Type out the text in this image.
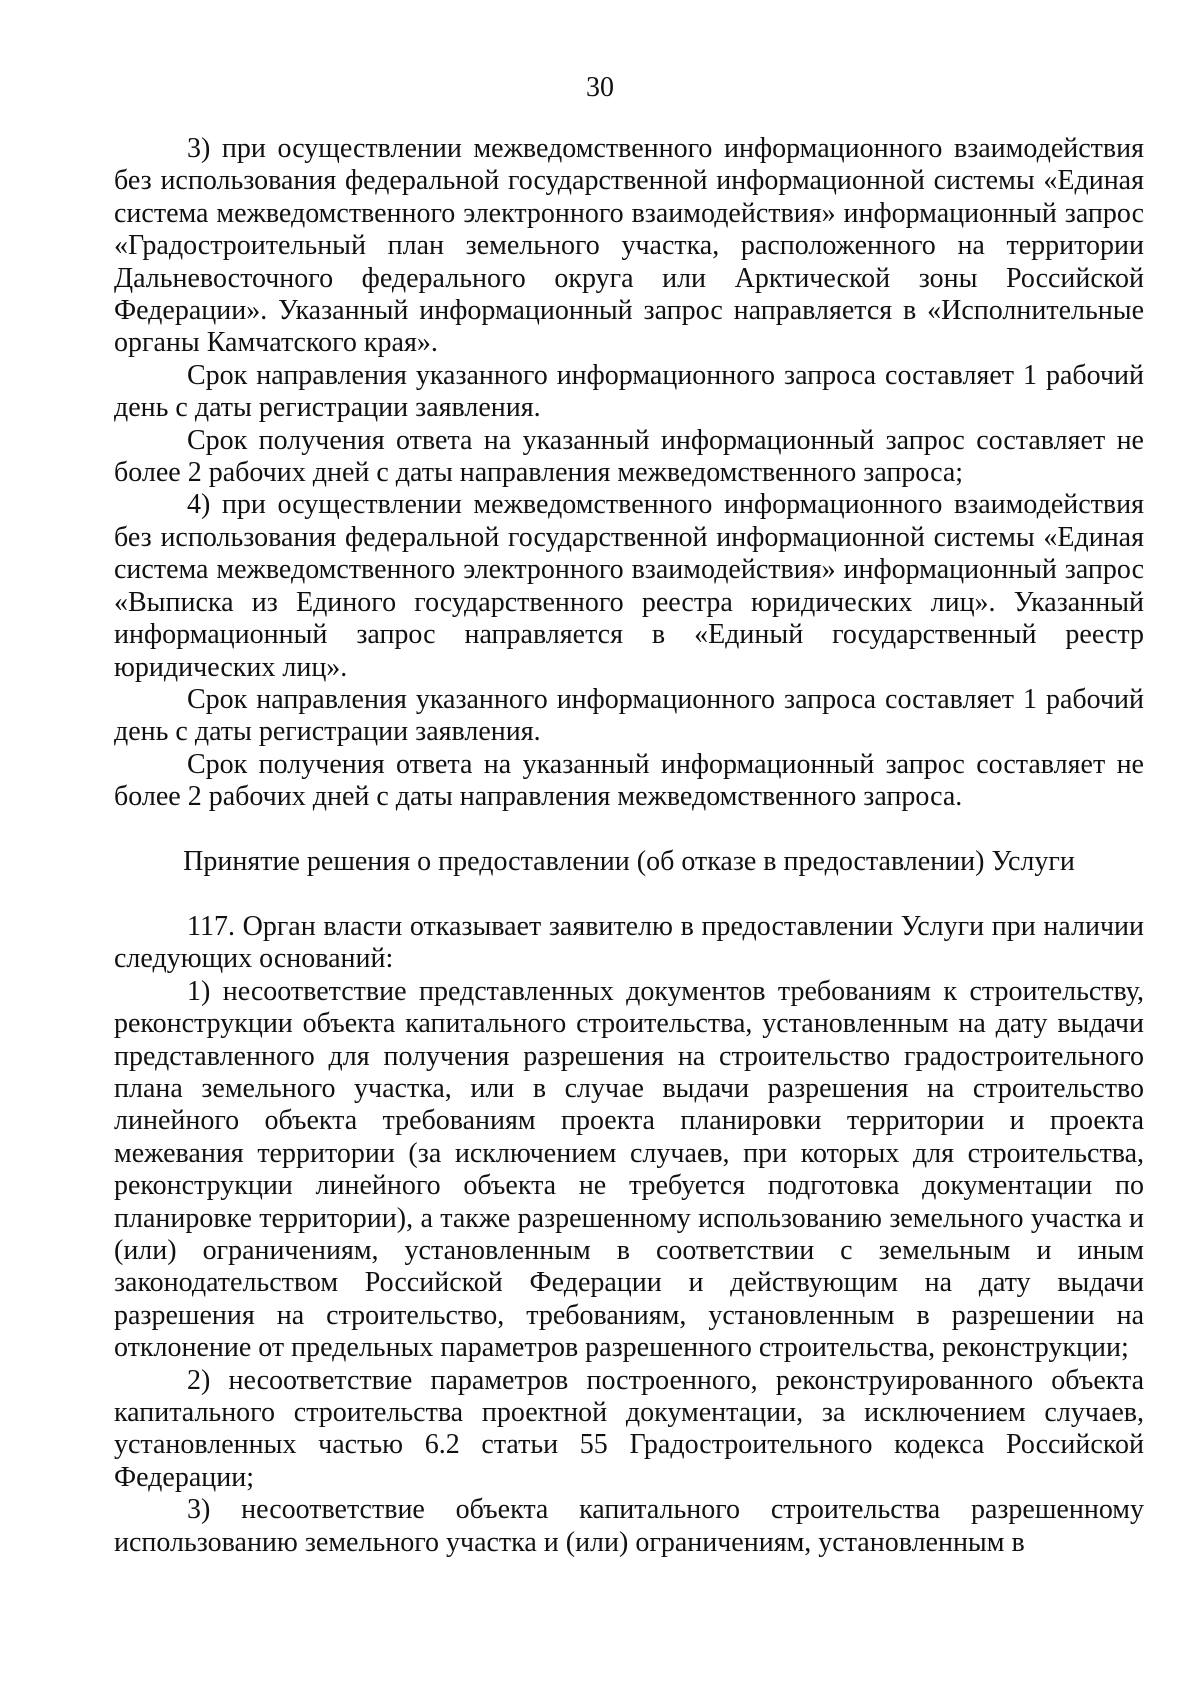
30

3) при осуществлении межведомственного информационного взаимодействия без использования федеральной государственной информационной системы «Единая система межведомственного электронного взаимодействия» информационный запрос «Градостроительный план земельного участка, расположенного на территории Дальневосточного федерального округа или Арктической зоны Российской Федерации». Указанный информационный запрос направляется в «Исполнительные органы Камчатского края».

Срок направления указанного информационного запроса составляет 1 рабочий день с даты регистрации заявления.

Срок получения ответа на указанный информационный запрос составляет не более 2 рабочих дней с даты направления межведомственного запроса;

4) при осуществлении межведомственного информационного взаимодействия без использования федеральной государственной информационной системы «Единая система межведомственного электронного взаимодействия» информационный запрос «Выписка из Единого государственного реестра юридических лиц». Указанный информационный запрос направляется в «Единый государственный реестр юридических лиц».

Срок направления указанного информационного запроса составляет 1 рабочий день с даты регистрации заявления.

Срок получения ответа на указанный информационный запрос составляет не более 2 рабочих дней с даты направления межведомственного запроса.

Принятие решения о предоставлении (об отказе в предоставлении) Услуги

117. Орган власти отказывает заявителю в предоставлении Услуги при наличии следующих оснований:

1) несоответствие представленных документов требованиям к строительству, реконструкции объекта капитального строительства, установленным на дату выдачи представленного для получения разрешения на строительство градостроительного плана земельного участка, или в случае выдачи разрешения на строительство линейного объекта требованиям проекта планировки территории и проекта межевания территории (за исключением случаев, при которых для строительства, реконструкции линейного объекта не требуется подготовка документации по планировке территории), а также разрешенному использованию земельного участка и (или) ограничениям, установленным в соответствии с земельным и иным законодательством Российской Федерации и действующим на дату выдачи разрешения на строительство, требованиям, установленным в разрешении на отклонение от предельных параметров разрешенного строительства, реконструкции;

2) несоответствие параметров построенного, реконструированного объекта капитального строительства проектной документации, за исключением случаев, установленных частью 6.2 статьи 55 Градостроительного кодекса Российской Федерации;

3) несоответствие объекта капитального строительства разрешенному использованию земельного участка и (или) ограничениям, установленным в
